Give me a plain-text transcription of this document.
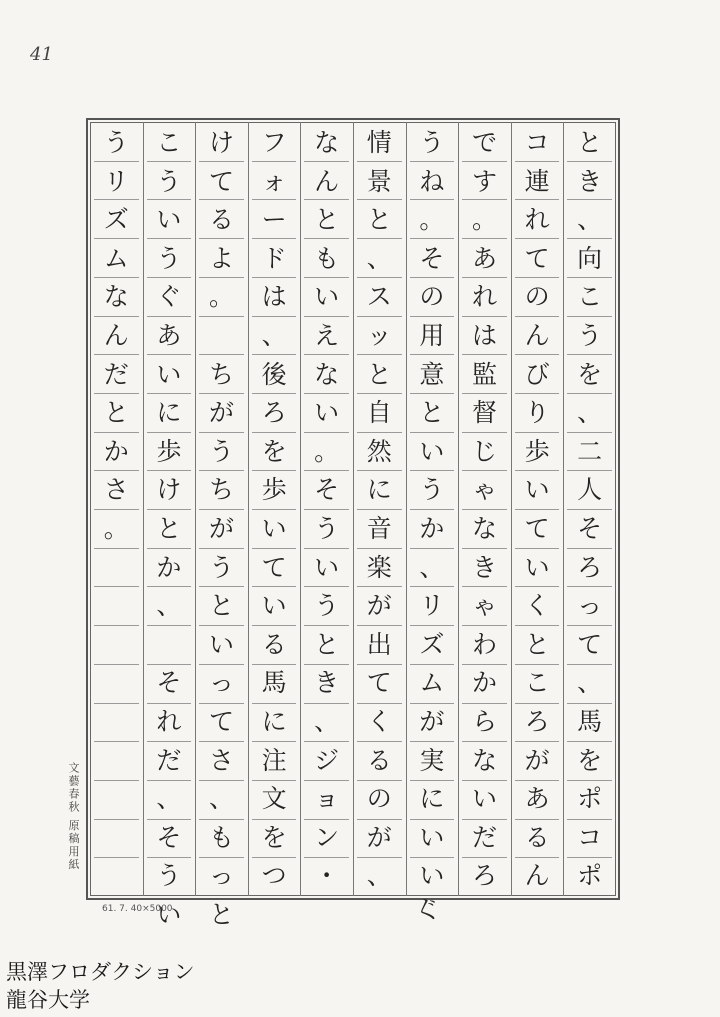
41
と
き
、
向
こ
う
を
、
二
人
そ
ろ
っ
て
、
馬
を
ポ
コ
ポ
コ
連
れ
て
の
ん
び
り
歩
い
て
い
く
と
こ
ろ
が
あ
る
ん
で
す
。
あ
れ
は
監
督
じ
ゃ
な
き
ゃ
わ
か
ら
な
い
だ
ろ
う
ね
。
そ
の
用
意
と
い
う
か
、
リ
ズ
ム
が
実
に
い
い
情
景
と
、
ス
ッ
と
自
然
に
音
楽
が
出
て
く
る
の
が
、
な
ん
と
も
い
え
な
い
。
そ
う
い
う
と
き
、
ジ
ョ
ン
・
フ
ォ
ー
ド
は
、
後
ろ
を
歩
い
て
い
る
馬
に
注
文
を
つ
け
て
る
よ
。
ち
が
う
ち
が
う
と
い
っ
て
さ
、
も
っ
と
こ
う
い
う
ぐ
あ
い
に
歩
け
と
か
、
そ
れ
だ
、
そ
う
い
う
リ
ズ
ム
な
ん
だ
と
か
さ
。
文藝春秋 原稿用紙
61. 7. 40×5000	ぐ
黒澤フロダクション
龍谷大学
